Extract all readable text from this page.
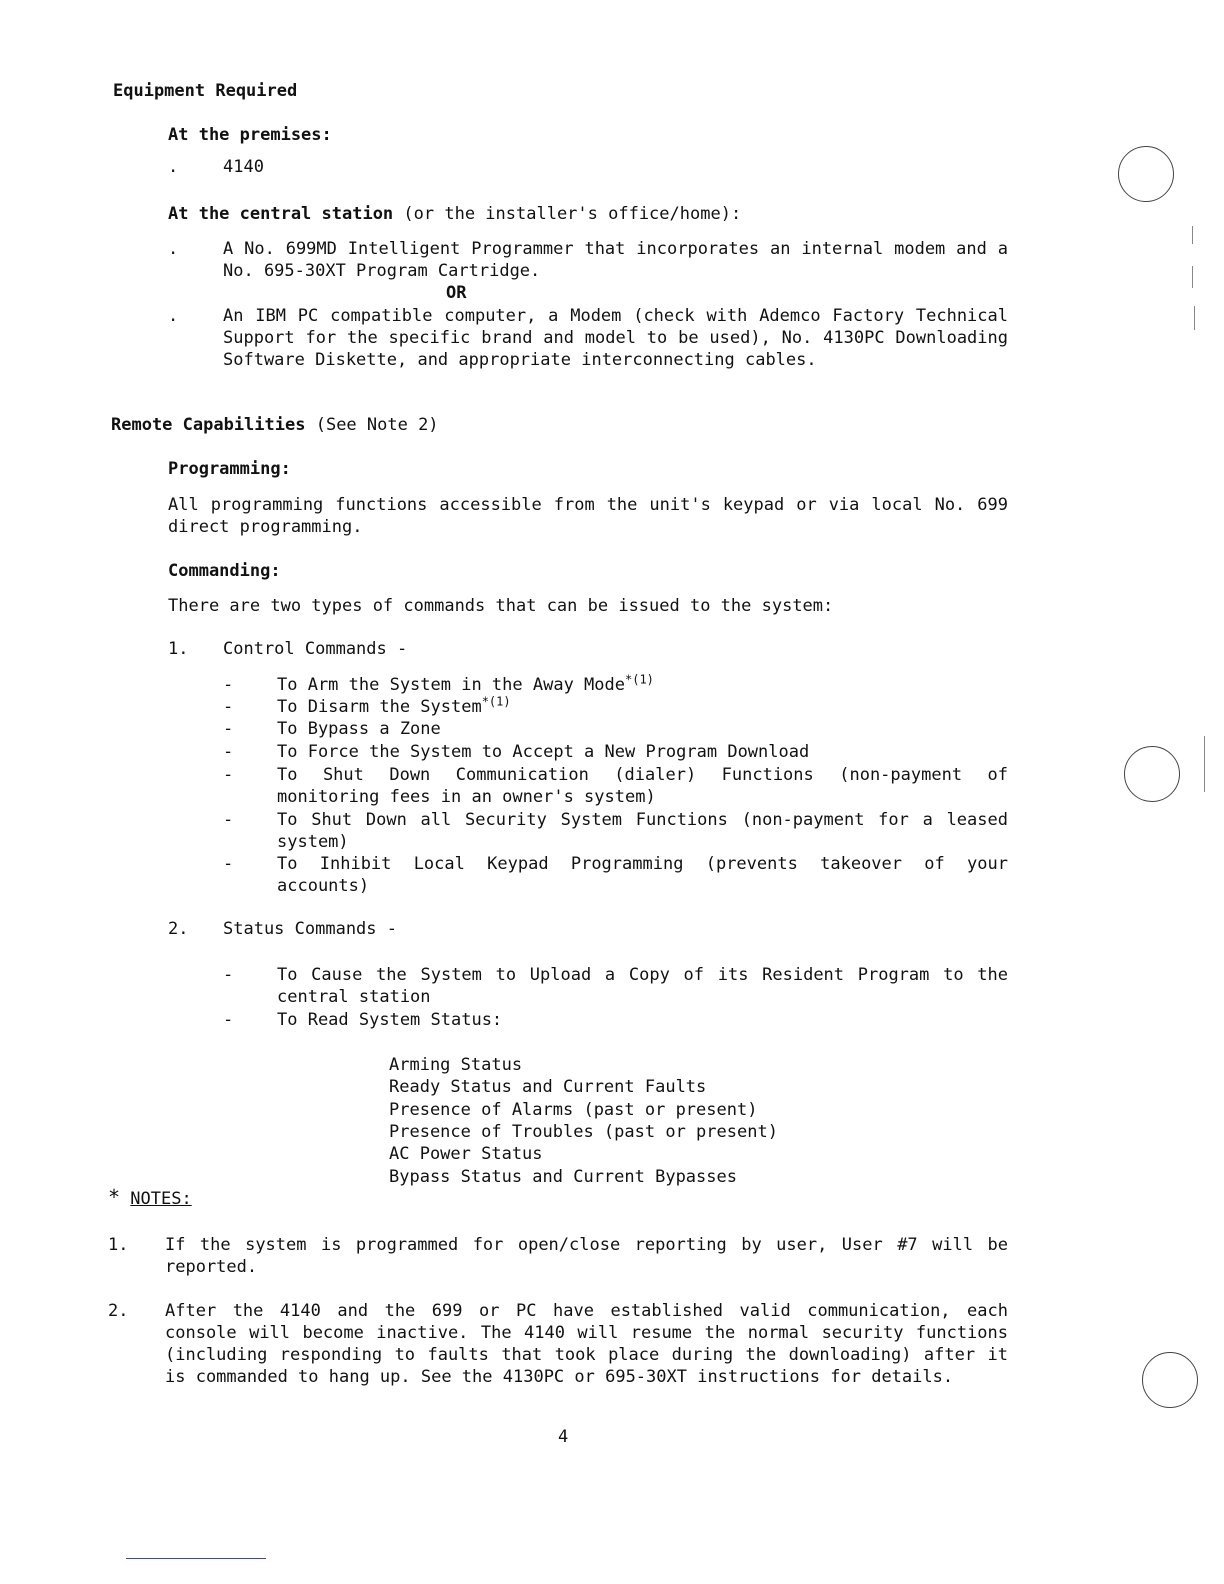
Equipment Required
At the premises:
.	4140
At the central station (or the installer's office/home):
.	A No. 699MD Intelligent Programmer that incorporates an internal modem and a No. 695-30XT Program Cartridge.
OR
.	An IBM PC compatible computer, a Modem (check with Ademco Factory Technical Support for the specific brand and model to be used), No. 4130PC Downloading Software Diskette, and appropriate interconnecting cables.
Remote Capabilities (See Note 2)
Programming:
All programming functions accessible from the unit's keypad or via local No. 699 direct programming.
Commanding:
There are two types of commands that can be issued to the system:
1. Control Commands -
-	To Arm the System in the Away Mode$^{*(1)}$
-	To Disarm the System$^{*(1)}$
-	To Bypass a Zone
-	To Force the System to Accept a New Program Download
-	To Shut Down Communication (dialer) Functions (non-payment of monitoring fees in an owner's system)
-	To Shut Down all Security System Functions (non-payment for a leased system)
-	To Inhibit Local Keypad Programming (prevents takeover of your accounts)
2. Status Commands -
-	To Cause the System to Upload a Copy of its Resident Program to the central station
-	To Read System Status:
Arming Status
Ready Status and Current Faults
Presence of Alarms (past or present)
Presence of Troubles (past or present)
AC Power Status
Bypass Status and Current Bypasses
* NOTES:
1. If the system is programmed for open/close reporting by user, User #7 will be reported.
2. After the 4140 and the 699 or PC have established valid communication, each console will become inactive. The 4140 will resume the normal security functions (including responding to faults that took place during the downloading) after it is commanded to hang up. See the 4130PC or 695-30XT instructions for details.
4
